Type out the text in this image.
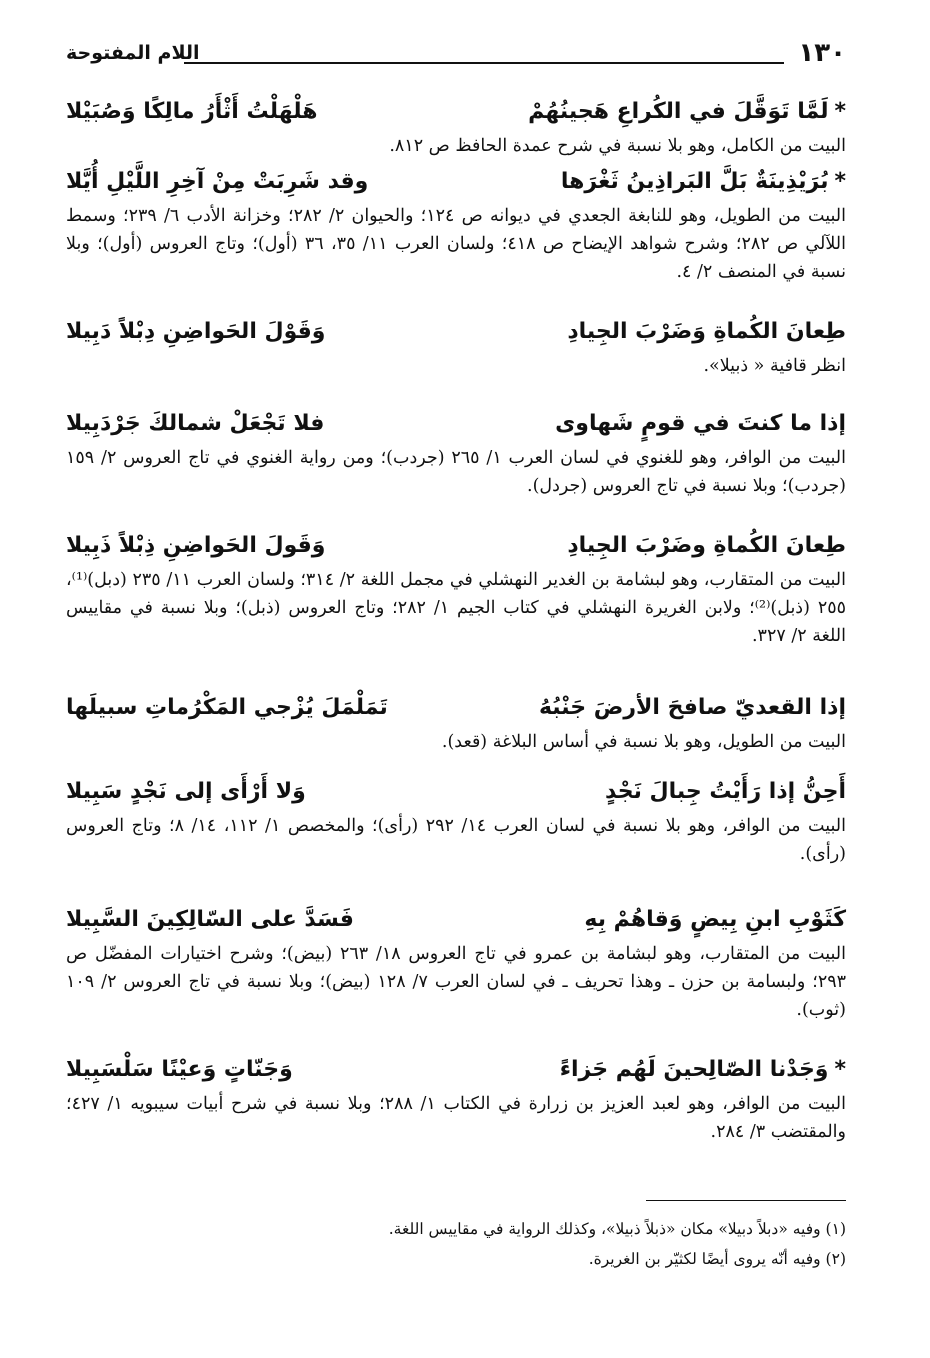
١٣٠
اللام المفتوحة
*لَمَّا تَوَقَّلَ في الكُراعِ هَجينُهُمْ
هَلْهَلْتُ أَثْأَرُ مالِكًا وَصُبَيْلا

البيت من الكامل، وهو بلا نسبة في شرح عمدة الحافظ ص ٨١٢.

*بُرَيْذِينَةٌ بَلَّ البَراذِينُ ثَغْرَها
وقد شَرِبَتْ مِنْ آخِرِ اللَّيْلِ أُيَّلا

البيت من الطويل، وهو للنابغة الجعدي في ديوانه ص ١٢٤؛ والحيوان ٢/ ٢٨٢؛ وخزانة الأدب ٦/ ٢٣٩؛ وسمط اللآلي ص ٢٨٢؛ وشرح شواهد الإيضاح ص ٤١٨؛ ولسان العرب ١١/ ٣٥، ٣٦ (أول)؛ وتاج العروس (أول)؛ وبلا نسبة في المنصف ٢/ ٤.

طِعانَ الكُماةِ وَضَرْبَ الجِيادِ
وَقَوْلَ الحَواضِنِ دِبْلاً دَبِيلا

انظر قافية « ذبيلا».

إذا ما كنتَ في قومٍ شَهاوى
فلا تَجْعَلْ شمالكَ جَرْدَبِيلا

البيت من الوافر، وهو للغنوي في لسان العرب ١/ ٢٦٥ (جردب)؛ ومن رواية الغنوي في تاج العروس ٢/ ١٥٩ (جردب)؛ وبلا نسبة في تاج العروس (جردل).

طِعانَ الكُماةِ وضَرْبَ الجِيادِ
وَقَولَ الحَواضِنِ ذِبْلاً ذَبِيلا

البيت من المتقارب، وهو لبشامة بن الغدير النهشلي في مجمل اللغة ٢/ ٣١٤؛ ولسان العرب ١١/ ٢٣٥ (دبل)⁽¹⁾، ٢٥٥ (ذبل)⁽²⁾؛ ولابن الغريرة النهشلي في كتاب الجيم ١/ ٢٨٢؛ وتاج العروس (ذبل)؛ وبلا نسبة في مقاييس اللغة ٢/ ٣٢٧.

إذا القعديّ صافحَ الأرضَ جَنْبُهُ
تَمَلْمَلَ يُزْجي المَكْرُماتِ سبيلَها

البيت من الطويل، وهو بلا نسبة في أساس البلاغة (قعد).

أَحِنُّ إذا رَأَيْتُ جِبالَ نَجْدٍ
وَلا أَرْأَى إلى نَجْدٍ سَبِيلا

البيت من الوافر، وهو بلا نسبة في لسان العرب ١٤/ ٢٩٢ (رأى)؛ والمخصص ١/ ١١٢، ١٤/ ٨؛ وتاج العروس (رأى).

كَثَوْبِ ابنِ بِيضٍ وَقاهُمْ بِهِ
فَسَدَّ على السّالِكِينَ السَّبِيلا

البيت من المتقارب، وهو لبشامة بن عمرو في تاج العروس ١٨/ ٢٦٣ (بيض)؛ وشرح اختيارات المفضّل ص ٢٩٣؛ ولبسامة بن حزن ـ وهذا تحريف ـ في لسان العرب ٧/ ١٢٨ (بيض)؛ وبلا نسبة في تاج العروس ٢/ ١٠٩ (ثوب).

*وَجَدْنا الصّالِحينَ لَهُم جَزاءً
وَجَنّاتٍ وَعيْنًا سَلْسَبِيلا

البيت من الوافر، وهو لعبد العزيز بن زرارة في الكتاب ١/ ٢٨٨؛ وبلا نسبة في شرح أبيات سيبويه ١/ ٤٢٧؛ والمقتضب ٣/ ٢٨٤.

(١) وفيه «دبلاً دبيلا» مكان «ذبلاً ذبيلا»، وكذلك الرواية في مقاييس اللغة.

(٢) وفيه أنّه يروى أيضًا لكثيّر بن الغريرة.
